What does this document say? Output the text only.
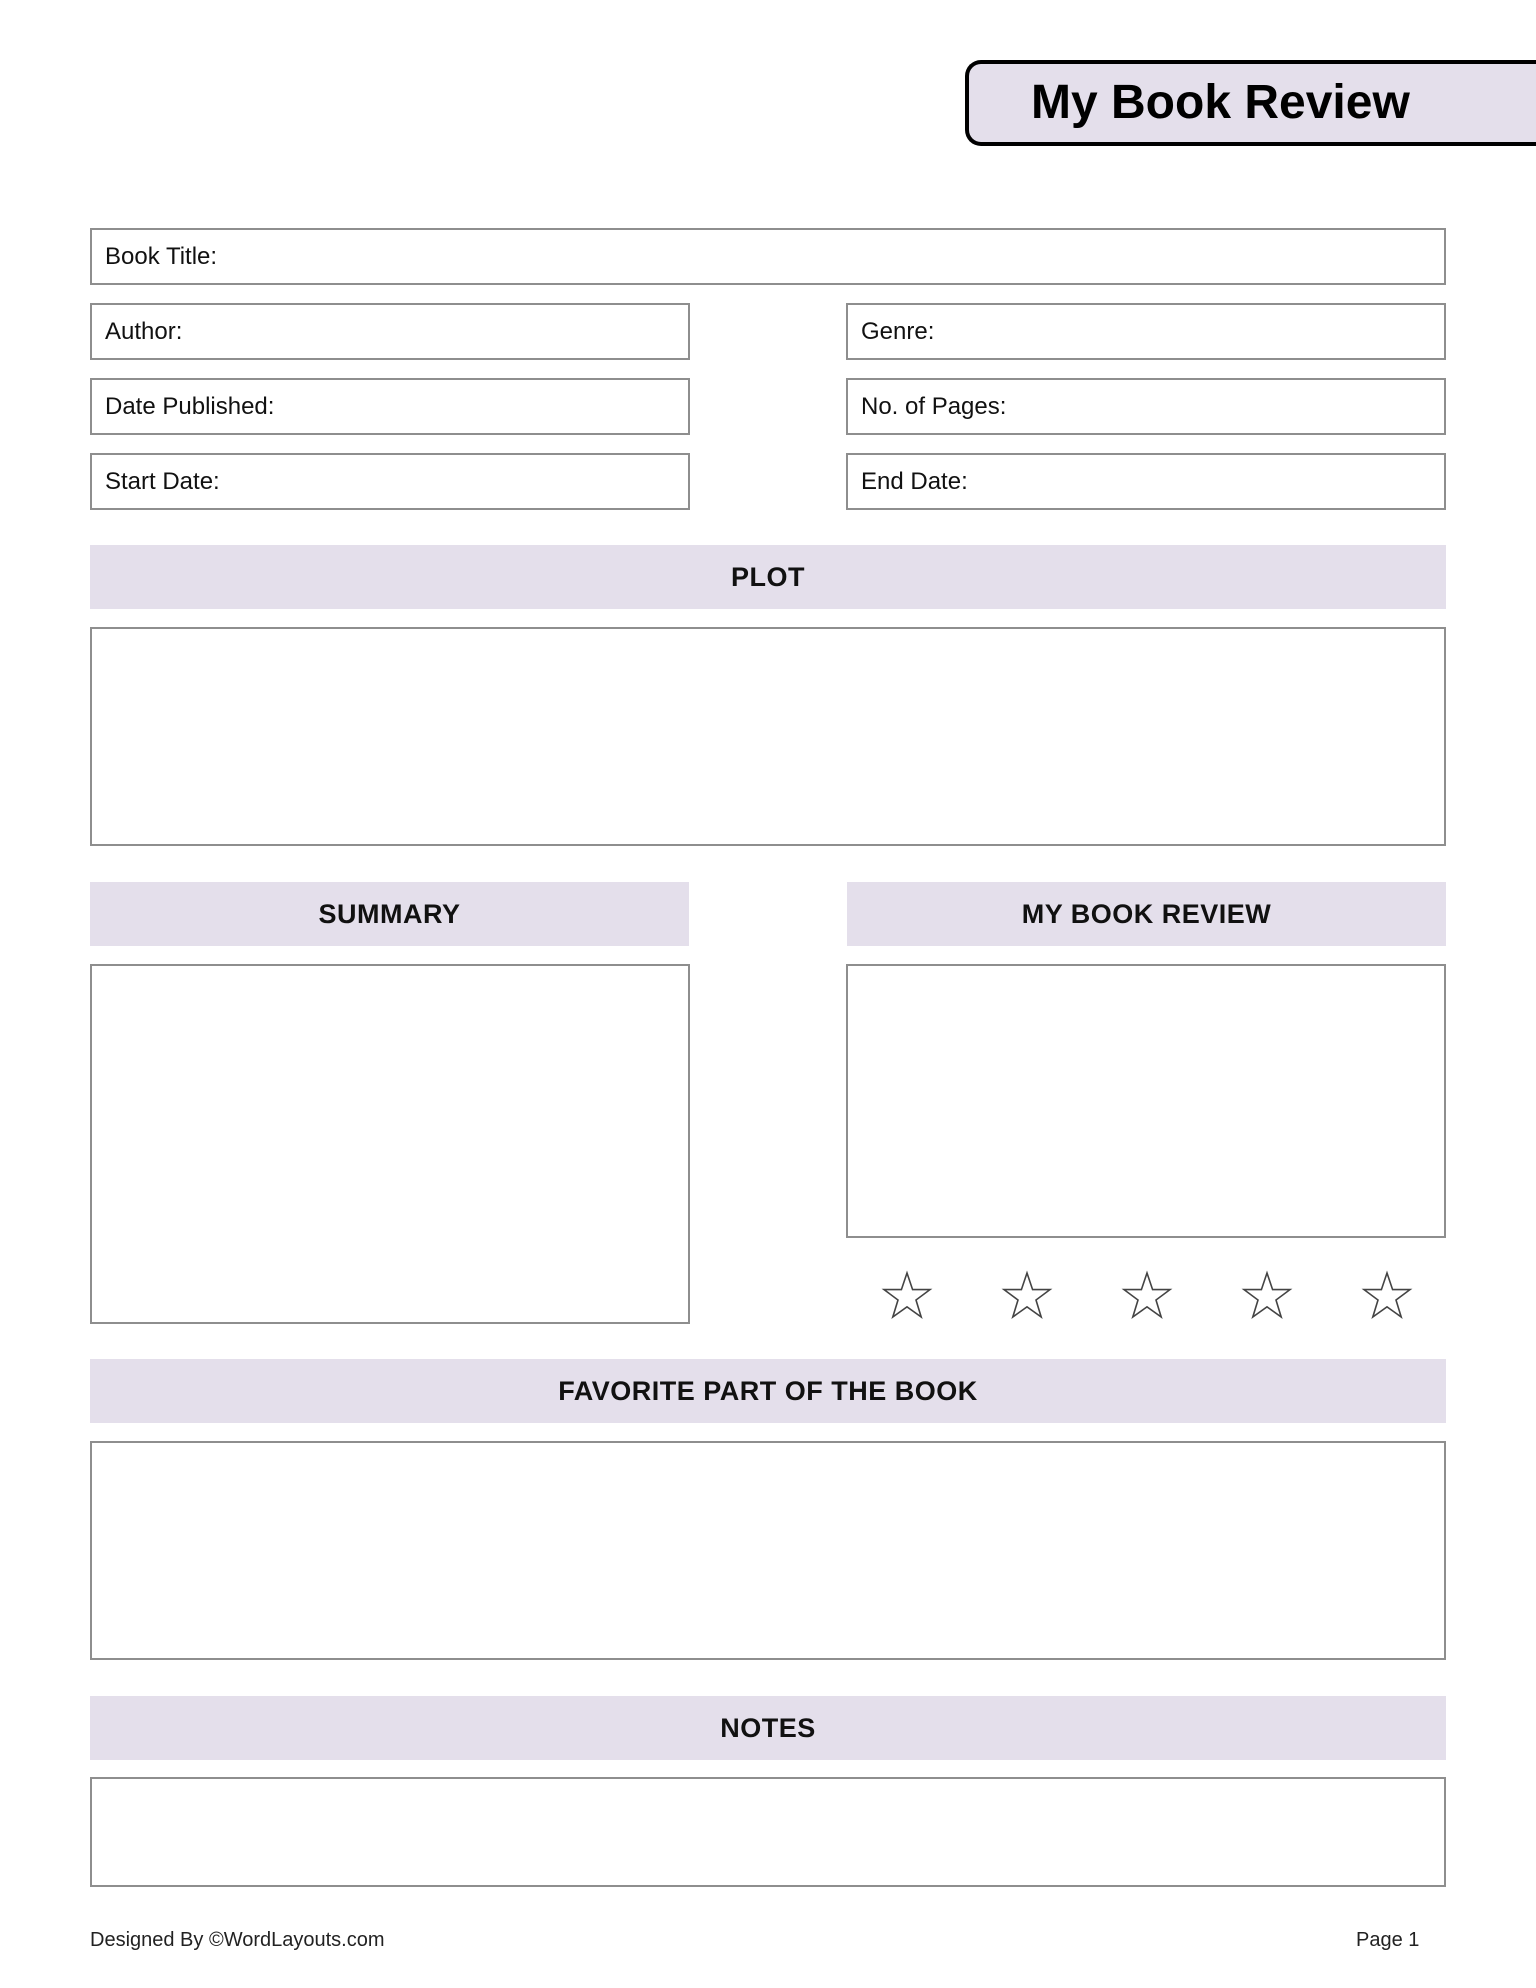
My Book Review
Book Title:
Author:	Genre:
Date Published:	No. of Pages:
Start Date:	End Date:
PLOT
SUMMARY	MY BOOK REVIEW
FAVORITE PART OF THE BOOK
NOTES
Designed By ©WordLayouts.com	Page 1
